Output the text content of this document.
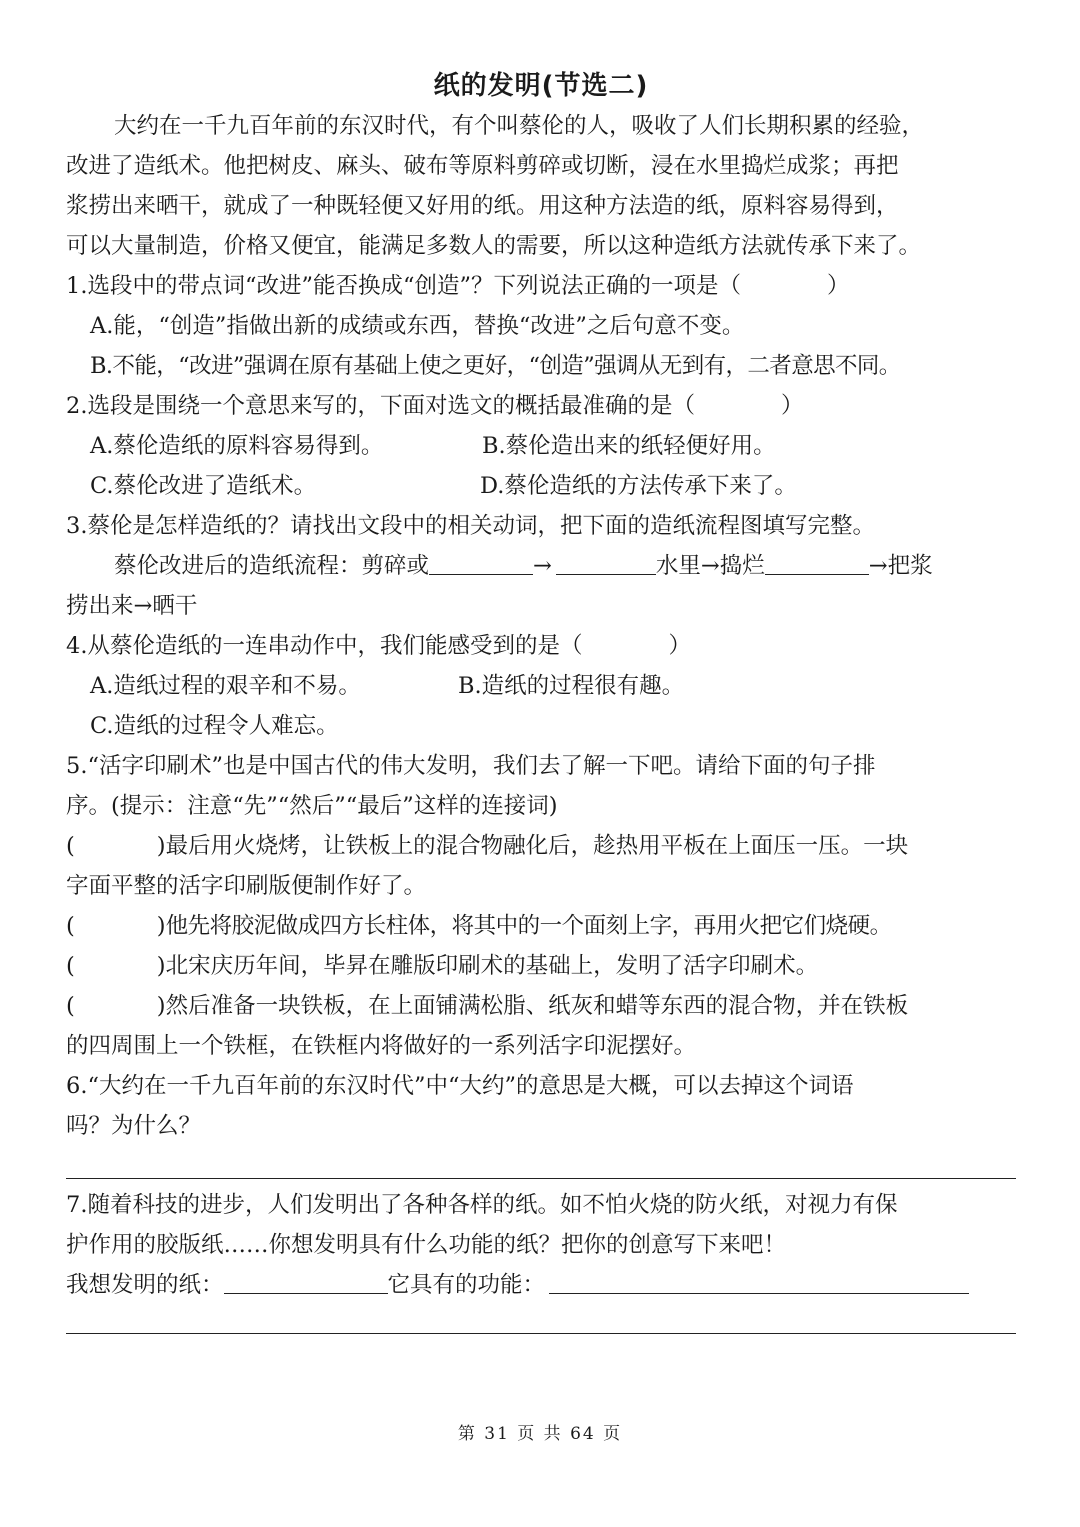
纸的发明(节选二)
大约在一千九百年前的东汉时代，有个叫蔡伦的人，吸收了人们长期积累的经验，
改进了造纸术。他把树皮、麻头、破布等原料剪碎或切断，浸在水里捣烂成浆；再把
浆捞出来晒干，就成了一种既轻便又好用的纸。用这种方法造的纸，原料容易得到，
可以大量制造，价格又便宜，能满足多数人的需要，所以这种造纸方法就传承下来了。
1.选段中的带点词“改进”能否换成“创造”？下列说法正确的一项是（	）
A.能，“创造”指做出新的成绩或东西，替换“改进”之后句意不变。
B.不能，“改进”强调在原有基础上使之更好，“创造”强调从无到有，二者意思不同。
2.选段是围绕一个意思来写的，下面对选文的概括最准确的是（	）
A.蔡伦造纸的原料容易得到。	B.蔡伦造出来的纸轻便好用。
C.蔡伦改进了造纸术。	D.蔡伦造纸的方法传承下来了。
3.蔡伦是怎样造纸的？请找出文段中的相关动词，把下面的造纸流程图填写完整。
蔡伦改进后的造纸流程：剪碎或	→	水里→捣烂	→把浆
捞出来→晒干
4.从蔡伦造纸的一连串动作中，我们能感受到的是（	）
A.造纸过程的艰辛和不易。	B.造纸的过程很有趣。
C.造纸的过程令人难忘。
5.“活字印刷术”也是中国古代的伟大发明，我们去了解一下吧。请给下面的句子排
序。(提示：注意“先”“然后”“最后”这样的连接词)
(	)最后用火烧烤，让铁板上的混合物融化后，趁热用平板在上面压一压。一块
字面平整的活字印刷版便制作好了。
(	)他先将胶泥做成四方长柱体，将其中的一个面刻上字，再用火把它们烧硬。
(	)北宋庆历年间，毕昇在雕版印刷术的基础上，发明了活字印刷术。
(	)然后准备一块铁板，在上面铺满松脂、纸灰和蜡等东西的混合物，并在铁板
的四周围上一个铁框，在铁框内将做好的一系列活字印泥摆好。
6.“大约在一千九百年前的东汉时代”中“大约”的意思是大概，可以去掉这个词语
吗？为什么？
7.随着科技的进步，人们发明出了各种各样的纸。如不怕火烧的防火纸，对视力有保
护作用的胶版纸……你想发明具有什么功能的纸？把你的创意写下来吧！
我想发明的纸：	它具有的功能：
第 31 页 共 64 页
